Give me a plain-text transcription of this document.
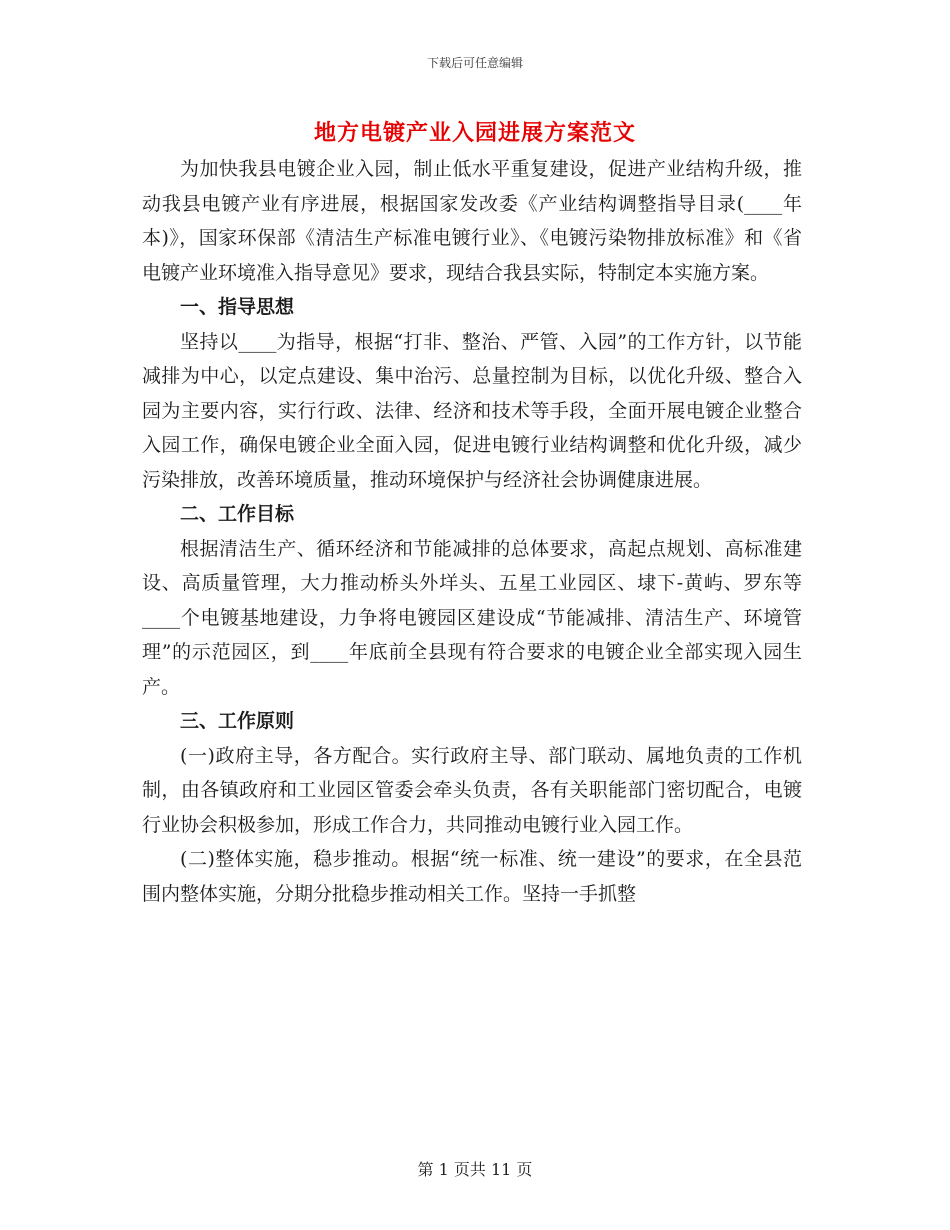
下载后可任意编辑
地方电镀产业入园进展方案范文

为加快我县电镀企业入园，制止低水平重复建设，促进产业结构升级，推动我县电镀产业有序进展，根据国家发改委《产业结构调整指导目录(____年本)》，国家环保部《清洁生产标准电镀行业》、《电镀污染物排放标准》和《省电镀产业环境准入指导意见》要求，现结合我县实际，特制定本实施方案。

一、指导思想

坚持以____为指导，根据“打非、整治、严管、入园”的工作方针，以节能减排为中心，以定点建设、集中治污、总量控制为目标，以优化升级、整合入园为主要内容，实行行政、法律、经济和技术等手段，全面开展电镀企业整合入园工作，确保电镀企业全面入园，促进电镀行业结构调整和优化升级，减少污染排放，改善环境质量，推动环境保护与经济社会协调健康进展。

二、工作目标

根据清洁生产、循环经济和节能减排的总体要求，高起点规划、高标准建设、高质量管理，大力推动桥头外垟头、五星工业园区、埭下-黄屿、罗东等____个电镀基地建设，力争将电镀园区建设成“节能减排、清洁生产、环境管理”的示范园区，到____年底前全县现有符合要求的电镀企业全部实现入园生产。

三、工作原则

(一)政府主导，各方配合。实行政府主导、部门联动、属地负责的工作机制，由各镇政府和工业园区管委会牵头负责，各有关职能部门密切配合，电镀行业协会积极参加，形成工作合力，共同推动电镀行业入园工作。

(二)整体实施，稳步推动。根据“统一标准、统一建设”的要求，在全县范围内整体实施，分期分批稳步推动相关工作。坚持一手抓整

第 1 页共 11 页
